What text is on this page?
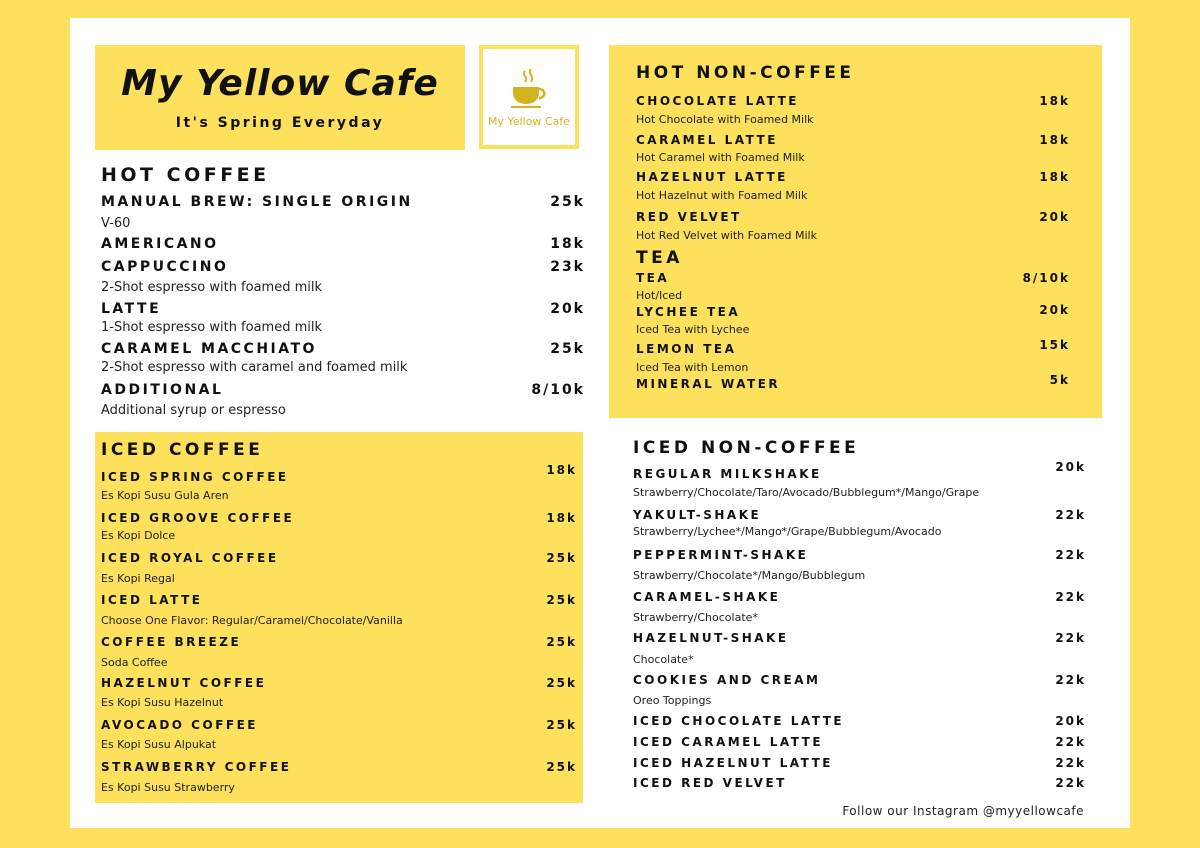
My Yellow Cafe
It's Spring Everyday	My Yellow Cafe
HOT COFFEE
MANUAL BREW: SINGLE ORIGIN	25k
V-60
AMERICANO	18k
CAPPUCCINO	23k
2-Shot espresso with foamed milk
LATTE	20k
1-Shot espresso with foamed milk
CARAMEL MACCHIATO	25k
2-Shot espresso with caramel and foamed milk
ADDITIONAL	8/10k
Additional syrup or espresso
ICED COFFEE
ICED SPRING COFFEE	18k
Es Kopi Susu Gula Aren
ICED GROOVE COFFEE	18k
Es Kopi Dolce
ICED ROYAL COFFEE	25k
Es Kopi Regal
ICED LATTE	25k
Choose One Flavor: Regular/Caramel/Chocolate/Vanilla
COFFEE BREEZE	25k
Soda Coffee
HAZELNUT COFFEE	25k
Es Kopi Susu Hazelnut
AVOCADO COFFEE	25k
Es Kopi Susu Alpukat
STRAWBERRY COFFEE	25k
Es Kopi Susu Strawberry
HOT NON-COFFEE
CHOCOLATE LATTE	18k
Hot Chocolate with Foamed Milk
CARAMEL LATTE	18k
Hot Caramel with Foamed Milk
HAZELNUT LATTE	18k
Hot Hazelnut with Foamed Milk
RED VELVET	20k
Hot Red Velvet with Foamed Milk
TEA
TEA	8/10k
Hot/Iced
LYCHEE TEA	20k
Iced Tea with Lychee
LEMON TEA	15k
Iced Tea with Lemon
MINERAL WATER	5k
ICED NON-COFFEE
REGULAR MILKSHAKE	20k
Strawberry/Chocolate/Taro/Avocado/Bubblegum*/Mango/Grape
YAKULT-SHAKE	22k
Strawberry/Lychee*/Mango*/Grape/Bubblegum/Avocado
PEPPERMINT-SHAKE	22k
Strawberry/Chocolate*/Mango/Bubblegum
CARAMEL-SHAKE	22k
Strawberry/Chocolate*
HAZELNUT-SHAKE	22k
Chocolate*
COOKIES AND CREAM	22k
Oreo Toppings
ICED CHOCOLATE LATTE	20k
ICED CARAMEL LATTE	22k
ICED HAZELNUT LATTE	22k
ICED RED VELVET	22k
Follow our Instagram @myyellowcafe
